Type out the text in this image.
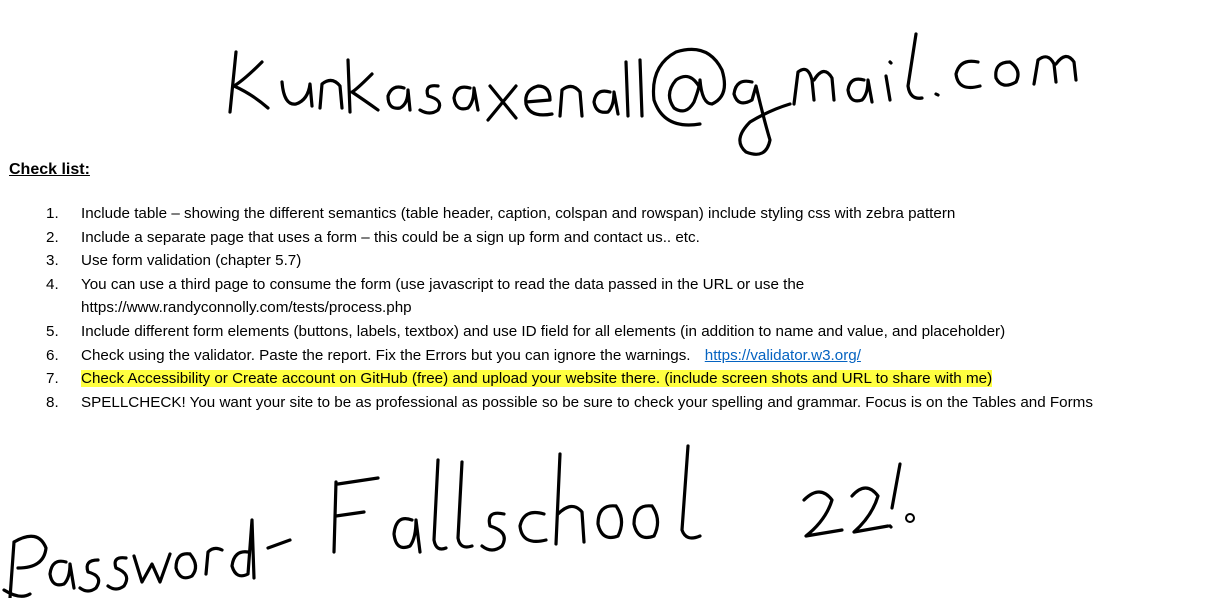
Check list:
1. Include table – showing the different semantics (table header, caption, colspan and rowspan) include styling css with zebra pattern
2. Include a separate page that uses a form – this could be a sign up form and contact us.. etc.
3. Use form validation (chapter 5.7)
4. You can use a third page to consume the form (use javascript to read the data passed in the URL or use the https://www.randyconnolly.com/tests/process.php
5. Include different form elements (buttons, labels, textbox) and use ID field for all elements (in addition to name and value, and placeholder)
6. Check using the validator. Paste the report. Fix the Errors but you can ignore the warnings. https://validator.w3.org/
7. Check Accessibility or Create account on GitHub (free) and upload your website there. (include screen shots and URL to share with me)
8. SPELLCHECK! You want your site to be as professional as possible so be sure to check your spelling and grammar. Focus is on the Tables and Forms
